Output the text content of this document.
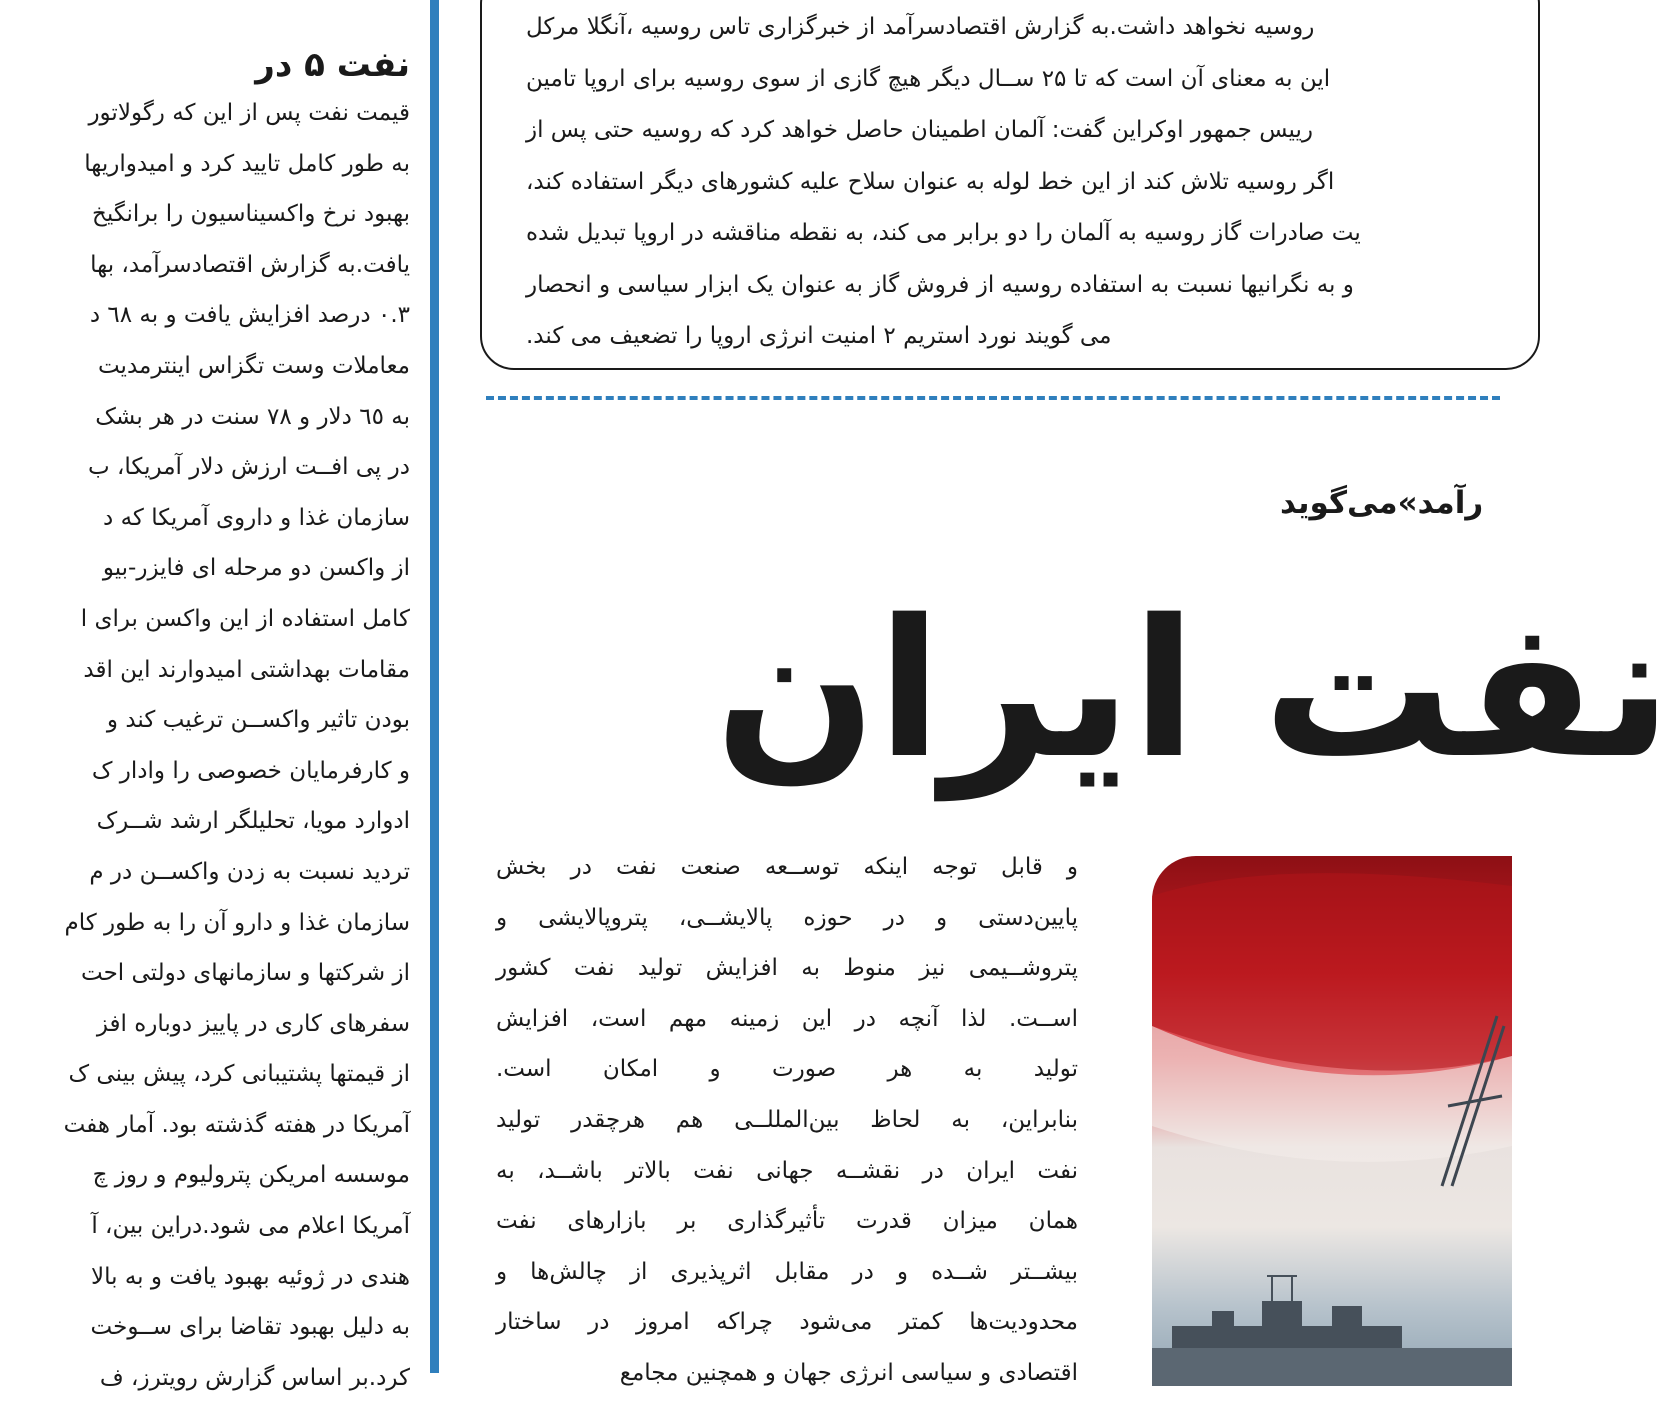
نفت ۵ در
قیمت نفت پس از این که رگولاتور
به طور کامل تایید کرد و امیدواریها
بهبود نرخ واکسیناسیون را برانگیخ
یافت.به گزارش اقتصادسرآمد، بها
۰.۳ درصد افزایش یافت و به ٦٨ د
معاملات وست تگزاس اینترمدیت
به ٦٥ دلار و ٧٨ سنت در هر بشک
در پی افــت ارزش دلار آمریکا، ب
سازمان غذا و داروی آمریکا که د
از واکسن دو مرحله ای فایزر-بیو
کامل استفاده از این واکسن برای ا
مقامات بهداشتی امیدوارند این اقد
بودن تاثیر واکســن ترغیب کند و
و کارفرمایان خصوصی را وادار ک
ادوارد مویا، تحلیلگر ارشد شــرک
تردید نسبت به زدن واکســن در م
سازمان غذا و دارو آن را به طور کام
از شرکتها و سازمانهای دولتی احت
سفرهای کاری در پاییز دوباره افز
از قیمتها پشتیبانی کرد، پیش بینی ک
آمریکا در هفته گذشته بود. آمار هفت
موسسه امریکن پترولیوم و روز چ
آمریکا اعلام می شود.دراین بین، آ
هندی در ژوئیه بهبود یافت و به بالا
به دلیل بهبود تقاضا برای ســوخت
کرد.بر اساس گزارش رویترز، ف
روسیه نخواهد داشت.به گزارش اقتصادسرآمد از خبرگزاری تاس روسیه ،آنگلا مرکل
این به معنای آن است که تا ۲۵ ســال دیگر هیچ گازی از سوی روسیه برای اروپا تامین
رییس جمهور اوکراین گفت: آلمان اطمینان حاصل خواهد کرد که روسیه حتی پس از
اگر روسیه تلاش کند از این خط لوله به عنوان سلاح علیه کشورهای دیگر استفاده کند،
یت صادرات گاز روسیه به آلمان را دو برابر می کند، به نقطه مناقشه در اروپا تبدیل شده
و به نگرانیها نسبت به استفاده روسیه از فروش گاز به عنوان یک ابزار سیاسی و انحصار
می گویند نورد استریم ۲ امنیت انرژی اروپا را تضعیف می کند.
رآمد»می‌گوید
نفت ایران
و قابل توجه اینکه توســعه صنعت نفت در بخش
پایین‌دستی و در حوزه پالایشــی، پتروپالایشی و
پتروشــیمی نیز منوط به افزایش تولید نفت کشور
اســت. لذا آنچه در این زمینه مهم است، افزایش
تولید به هر صورت و امکان است.
بنابراین، به لحاظ بین‌المللــی هم هرچقدر تولید
نفت ایران در نقشــه جهانی نفت بالاتر باشــد، به
همان میزان قدرت تأثیرگذاری بر بازارهای نفت
بیشــتر شــده و در مقابل اثرپذیری از چالش‌ها و
محدودیت‌ها کمتر می‌شود چراکه امروز در ساختار
اقتصادی و سیاسی انرژی جهان و همچنین مجامع
